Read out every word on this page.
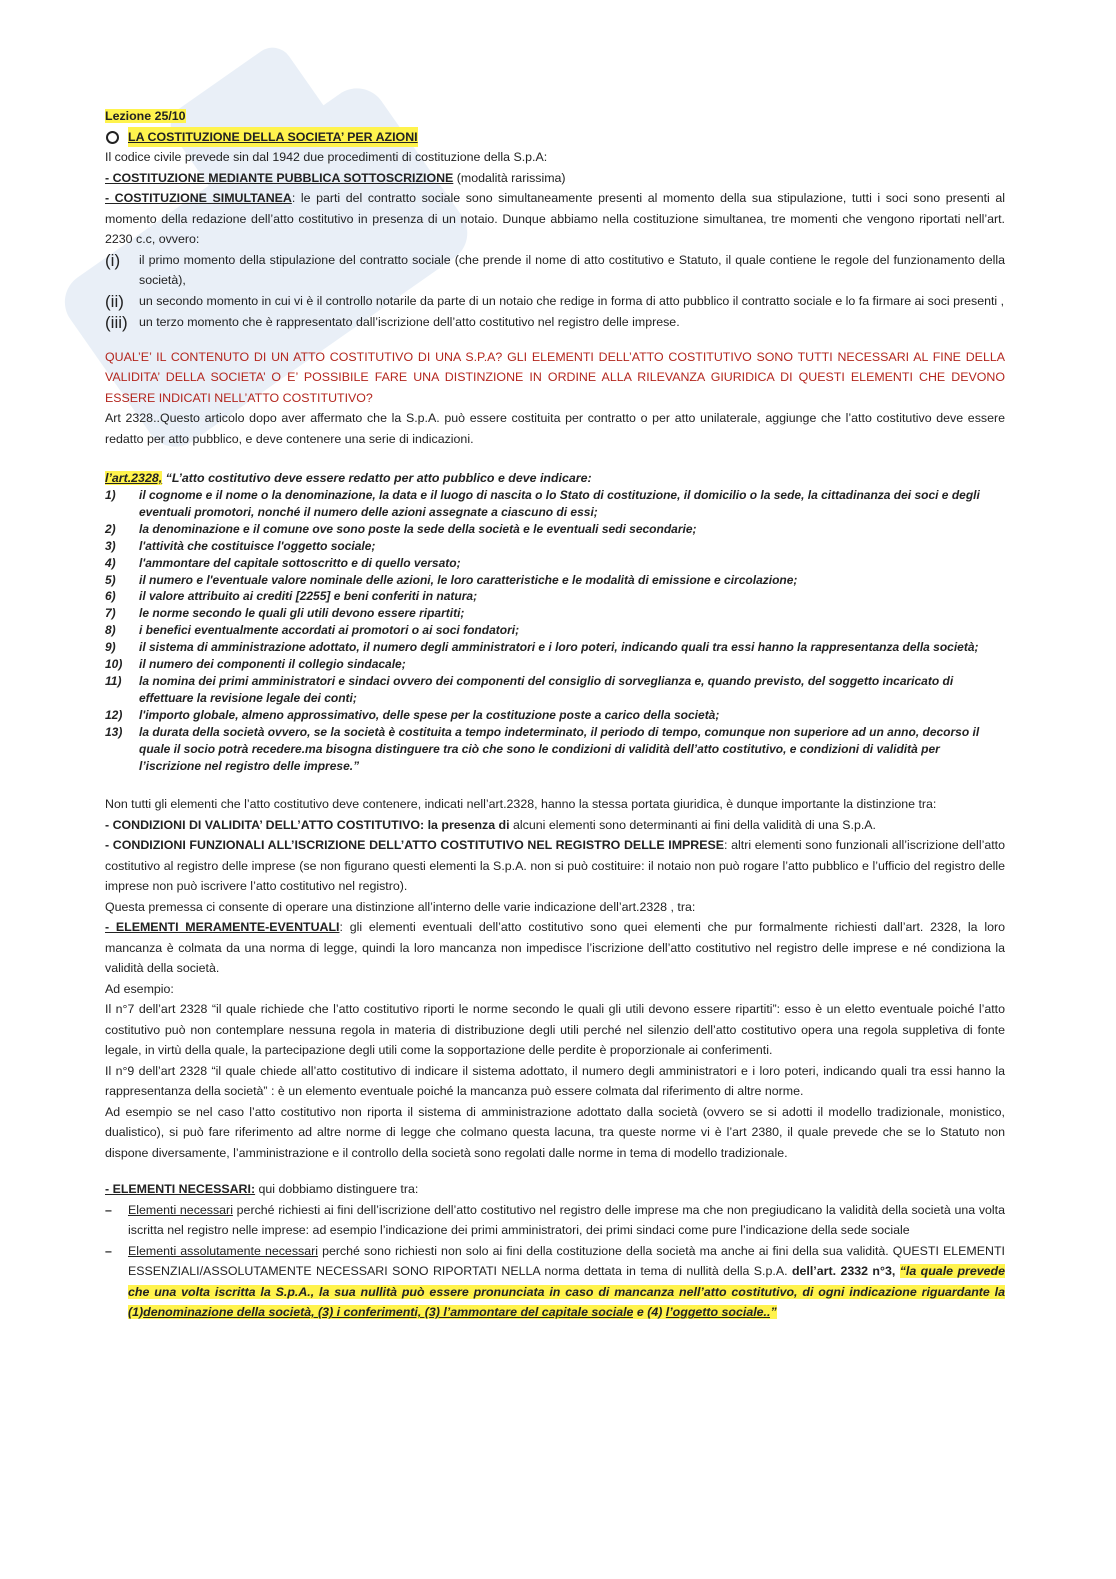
Lezione 25/10

LA COSTITUZIONE DELLA SOCIETA’ PER AZIONI

Il codice civile prevede sin dal 1942 due procedimenti di costituzione della S.p.A:

- COSTITUZIONE MEDIANTE PUBBLICA SOTTOSCRIZIONE (modalità rarissima)

- COSTITUZIONE SIMULTANEA: le parti del contratto sociale sono simultaneamente presenti al momento della sua stipulazione, tutti i soci sono presenti al momento della redazione dell’atto costitutivo in presenza di un notaio. Dunque abbiamo nella costituzione simultanea, tre momenti che vengono riportati nell’art. 2230 c.c, ovvero:

(i)	il primo momento della stipulazione del contratto sociale (che prende il nome di atto costitutivo e Statuto, il quale contiene le regole del funzionamento della società),
(ii)	un secondo momento in cui vi è il controllo notarile da parte di un notaio che redige in forma di atto pubblico il contratto sociale e lo fa firmare ai soci presenti ,
(iii) un terzo momento che è rappresentato dall’iscrizione dell’atto costitutivo nel registro delle imprese.

QUAL’E’ IL CONTENUTO DI UN ATTO COSTITUTIVO DI UNA S.P.A? GLI ELEMENTI DELL’ATTO COSTITUTIVO SONO TUTTI NECESSARI AL FINE DELLA VALIDITA’ DELLA SOCIETA’ O E’ POSSIBILE FARE UNA DISTINZIONE IN ORDINE ALLA RILEVANZA GIURIDICA DI QUESTI ELEMENTI CHE DEVONO ESSERE INDICATI NELL’ATTO COSTITUTIVO?

Art 2328..Questo articolo dopo aver affermato che la S.p.A. può essere costituita per contratto o per atto unilaterale, aggiunge che l’atto costitutivo deve essere redatto per atto pubblico, e deve contenere una serie di indicazioni.

l’art.2328, “L’atto costitutivo deve essere redatto per atto pubblico e deve indicare:
1)	il cognome e il nome o la denominazione, la data e il luogo di nascita o lo Stato di costituzione, il domicilio o la sede, la cittadinanza dei soci e degli eventuali promotori, nonché il numero delle azioni assegnate a ciascuno di essi;
2)	la denominazione e il comune ove sono poste la sede della società e le eventuali sedi secondarie;
3)	l'attività che costituisce l'oggetto sociale;
4)	l'ammontare del capitale sottoscritto e di quello versato;
5)	il numero e l'eventuale valore nominale delle azioni, le loro caratteristiche e le modalità di emissione e circolazione;
6)	il valore attribuito ai crediti [2255] e beni conferiti in natura;
7)	le norme secondo le quali gli utili devono essere ripartiti;
8)	i benefici eventualmente accordati ai promotori o ai soci fondatori;
9)	il sistema di amministrazione adottato, il numero degli amministratori e i loro poteri, indicando quali tra essi hanno la rappresentanza della società;
10)	il numero dei componenti il collegio sindacale;
11)	la nomina dei primi amministratori e sindaci ovvero dei componenti del consiglio di sorveglianza e, quando previsto, del soggetto incaricato di effettuare la revisione legale dei conti;
12)	l'importo globale, almeno approssimativo, delle spese per la costituzione poste a carico della società;
13)	la durata della società ovvero, se la società è costituita a tempo indeterminato, il periodo di tempo, comunque non superiore ad un anno, decorso il quale il socio potrà recedere.ma bisogna distinguere tra ciò che sono le condizioni di validità dell’atto costitutivo, e condizioni di validità per l’iscrizione nel registro delle imprese.”

Non tutti gli elementi che l’atto costitutivo deve contenere, indicati nell’art.2328, hanno la stessa portata giuridica, è dunque importante la distinzione tra:

- CONDIZIONI DI VALIDITA’ DELL’ATTO COSTITUTIVO: la presenza di alcuni elementi sono determinanti ai fini della validità di una S.p.A.

- CONDIZIONI FUNZIONALI ALL’ISCRIZIONE DELL’ATTO COSTITUTIVO NEL REGISTRO DELLE IMPRESE: altri elementi sono funzionali all’iscrizione dell’atto costitutivo al registro delle imprese (se non figurano questi elementi la S.p.A. non si può costituire: il notaio non può rogare l’atto pubblico e l’ufficio del registro delle imprese non può iscrivere l’atto costitutivo nel registro).

Questa premessa ci consente di operare una distinzione all’interno delle varie indicazione dell’art.2328 , tra:

- ELEMENTI MERAMENTE-EVENTUALI: gli elementi eventuali dell’atto costitutivo sono quei elementi che pur formalmente richiesti dall’art. 2328, la loro mancanza è colmata da una norma di legge, quindi la loro mancanza non impedisce l’iscrizione dell’atto costitutivo nel registro delle imprese e né condiziona la validità della società.

Ad esempio:

Il n°7 dell’art 2328 “il quale richiede che l’atto costitutivo riporti le norme secondo le quali gli utili devono essere ripartiti”: esso è un eletto eventuale poiché l’atto costitutivo può non contemplare nessuna regola in materia di distribuzione degli utili perché nel silenzio dell’atto costitutivo opera una regola suppletiva di fonte legale, in virtù della quale, la partecipazione degli utili come la sopportazione delle perdite è proporzionale ai conferimenti.

Il n°9 dell’art 2328 “il quale chiede all’atto costitutivo di indicare il sistema adottato, il numero degli amministratori e i loro poteri, indicando quali tra essi hanno la rappresentanza della società” : è un elemento eventuale poiché la mancanza può essere colmata dal riferimento di altre norme.

Ad esempio se nel caso l’atto costitutivo non riporta il sistema di amministrazione adottato dalla società (ovvero se si adotti il modello tradizionale, monistico, dualistico), si può fare riferimento ad altre norme di legge che colmano questa lacuna, tra queste norme vi è l’art 2380, il quale prevede che se lo Statuto non dispone diversamente, l’amministrazione e il controllo della società sono regolati dalle norme in tema di modello tradizionale.

- ELEMENTI NECESSARI: qui dobbiamo distinguere tra:

–	Elementi necessari perché richiesti ai fini dell’iscrizione dell’atto costitutivo nel registro delle imprese ma che non pregiudicano la validità della società una volta iscritta nel registro nelle imprese: ad esempio l’indicazione dei primi amministratori, dei primi sindaci come pure l’indicazione della sede sociale
–	Elementi assolutamente necessari perché sono richiesti non solo ai fini della costituzione della società ma anche ai fini della sua validità. QUESTI ELEMENTI ESSENZIALI/ASSOLUTAMENTE NECESSARI SONO RIPORTATI NELLA norma dettata in tema di nullità della S.p.A. dell’art. 2332 n°3, “la quale prevede che una volta iscritta la S.p.A., la sua nullità può essere pronunciata in caso di mancanza nell’atto costitutivo, di ogni indicazione riguardante la (1)denominazione della società, (3) i conferimenti, (3) l’ammontare del capitale sociale e (4) l’oggetto sociale..”
